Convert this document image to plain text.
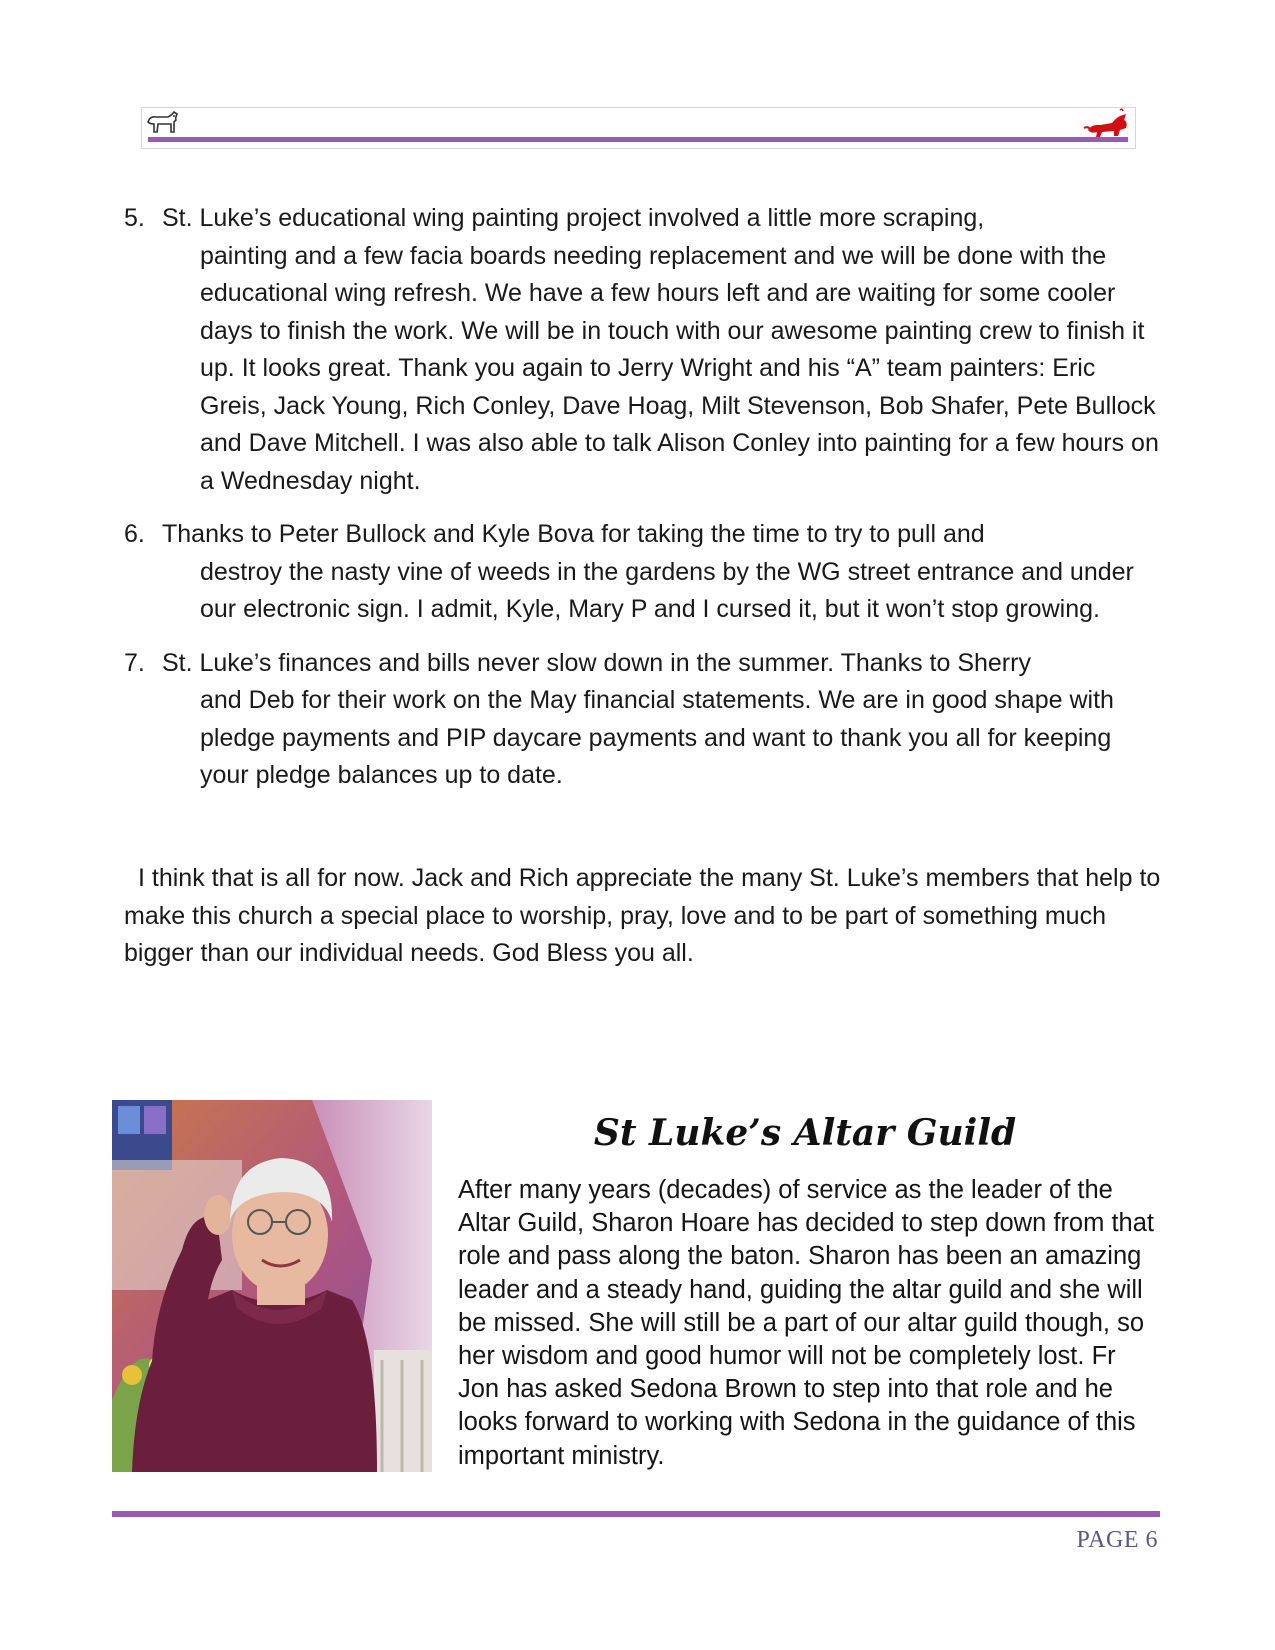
5. St. Luke’s educational wing painting project involved a little more scraping,
painting and a few facia boards needing replacement and we will be done with the educational wing refresh. We have a few hours left and are waiting for some cooler days to finish the work. We will be in touch with our awesome painting crew to finish it up. It looks great. Thank you again to Jerry Wright and his “A” team painters: Eric Greis, Jack Young, Rich Conley, Dave Hoag, Milt Stevenson, Bob Shafer, Pete Bullock and Dave Mitchell. I was also able to talk Alison Conley into painting for a few hours on a Wednesday night.
6. Thanks to Peter Bullock and Kyle Bova for taking the time to try to pull and
destroy the nasty vine of weeds in the gardens by the WG street entrance and under our electronic sign. I admit, Kyle, Mary P and I cursed it, but it won’t stop growing.
7. St. Luke’s finances and bills never slow down in the summer. Thanks to Sherry
and Deb for their work on the May financial statements. We are in good shape with pledge payments and PIP daycare payments and want to thank you all for keeping your pledge balances up to date.

I think that is all for now. Jack and Rich appreciate the many St. Luke’s members that help to make this church a special place to worship, pray, love and to be part of something much bigger than our individual needs. God Bless you all.

St Luke’s Altar Guild

After many years (decades) of service as the leader of the Altar Guild, Sharon Hoare has decided to step down from that role and pass along the baton. Sharon has been an amazing leader and a steady hand, guiding the altar guild and she will be missed. She will still be a part of our altar guild though, so her wisdom and good humor will not be completely lost. Fr Jon has asked Sedona Brown to step into that role and he looks forward to working with Sedona in the guidance of this important ministry.

PAGE 6
